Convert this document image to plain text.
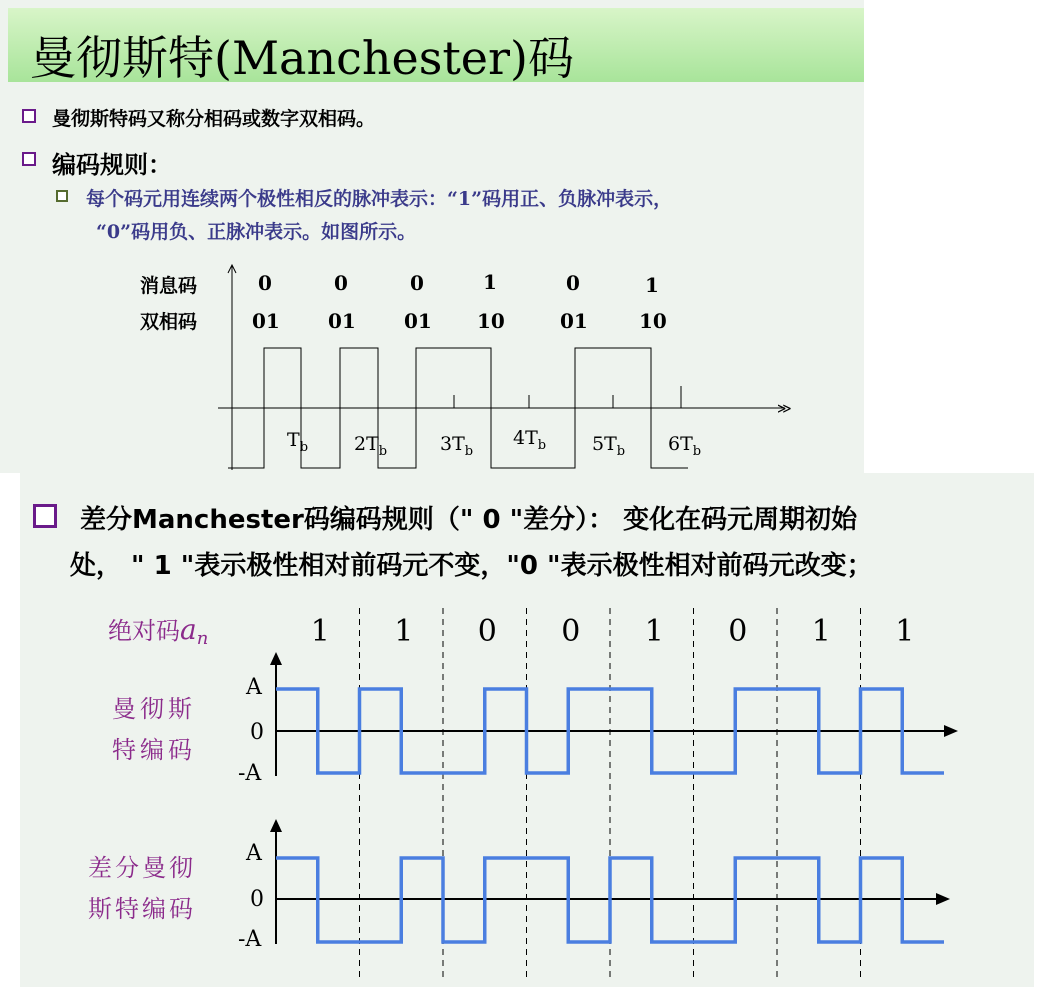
曼彻斯特(Manchester)码
曼彻斯特码又称分相码或数字双相码。
编码规则：
每个码元用连续两个极性相反的脉冲表示：“1”码用正、负脉冲表示，
“0”码用负、正脉冲表示。如图所示。
消息码
双相码
0	0	0	1	0	1
01 01 01 10	01	10
≫
$T_b$ $2T_b$	$3T_b$
$4T_b$ $5T_b$ $6T_b$
差分Manchester码编码规则（" 0 "差分）： 变化在码元周期初始
处， " 1 "表示极性相对前码元不变，"0 "表示极性相对前码元改变；
绝对码$a_n$	1 1 0 0 1 0 1 1
曼彻斯
特编码
A
0
-A
差分曼彻
斯特编码
A
0
-A
